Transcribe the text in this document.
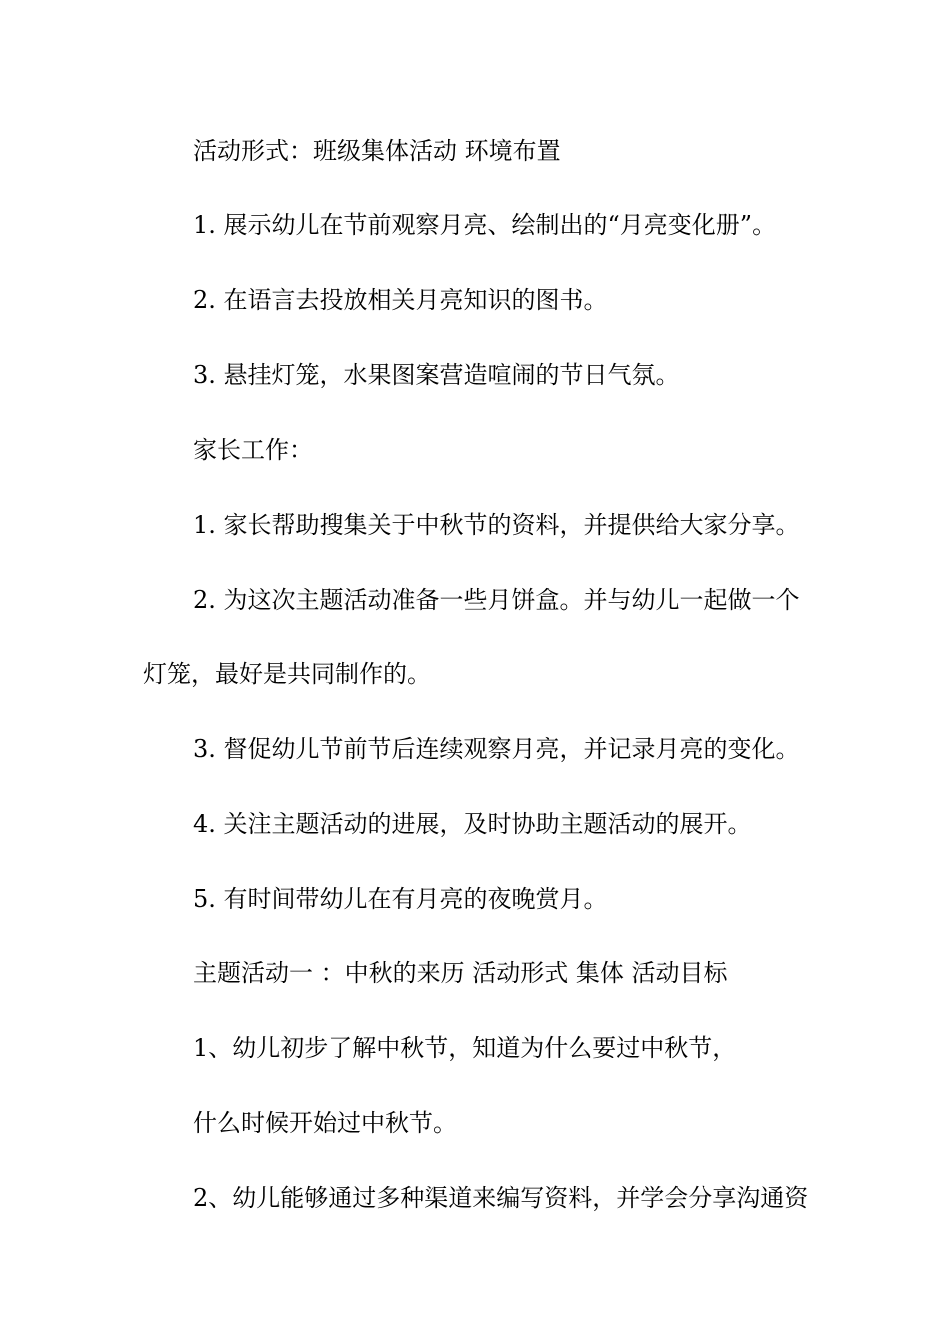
活动形式：班级集体活动 环境布置
1. 展示幼儿在节前观察月亮、绘制出的“月亮变化册”。
2. 在语言去投放相关月亮知识的图书。
3. 悬挂灯笼，水果图案营造喧闹的节日气氛。
家长工作：
1. 家长帮助搜集关于中秋节的资料，并提供给大家分享。
2. 为这次主题活动准备一些月饼盒。并与幼儿一起做一个
灯笼，最好是共同制作的。
3. 督促幼儿节前节后连续观察月亮，并记录月亮的变化。
4. 关注主题活动的进展，及时协助主题活动的展开。
5. 有时间带幼儿在有月亮的夜晚赏月。
主题活动一 ：中秋的来历 活动形式 集体 活动目标
1、幼儿初步了解中秋节，知道为什么要过中秋节，
什么时候开始过中秋节。
2、幼儿能够通过多种渠道来编写资料，并学会分享沟通资
